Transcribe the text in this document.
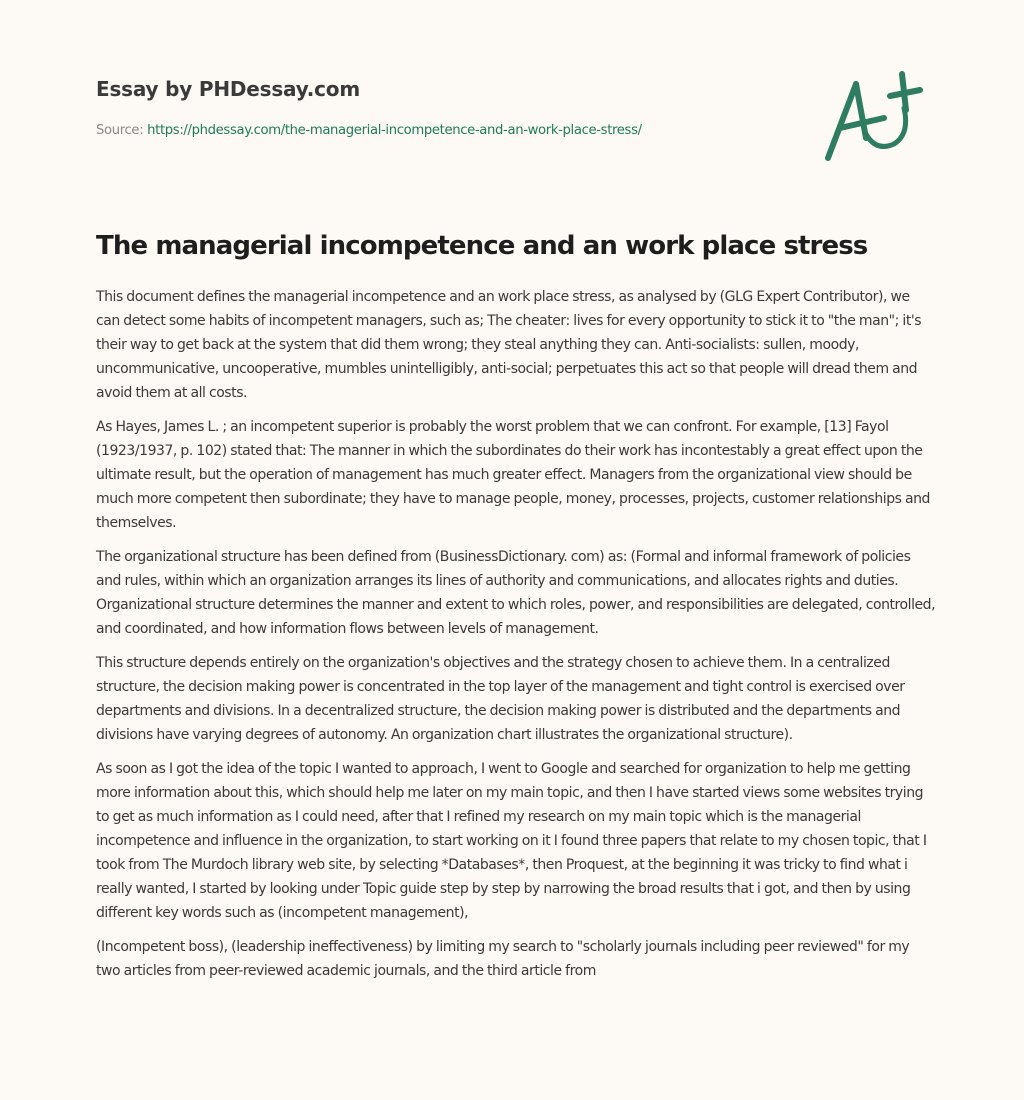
Essay by PHDessay.com
Source: https://phdessay.com/the-managerial-incompetence-and-an-work-place-stress/
The managerial incompetence and an work place stress

This document defines the managerial incompetence and an work place stress, as analysed by (GLG Expert Contributor), we can detect some habits of incompetent managers, such as; The cheater: lives for every opportunity to stick it to "the man"; it's their way to get back at the system that did them wrong; they steal anything they can. Anti-socialists: sullen, moody, uncommunicative, uncooperative, mumbles unintelligibly, anti-social; perpetuates this act so that people will dread them and avoid them at all costs.

As Hayes, James L. ; an incompetent superior is probably the worst problem that we can confront. For example, [13] Fayol (1923/1937, p. 102) stated that: The manner in which the subordinates do their work has incontestably a great effect upon the ultimate result, but the operation of management has much greater effect. Managers from the organizational view should be much more competent then subordinate; they have to manage people, money, processes, projects, customer relationships and themselves.

The organizational structure has been defined from (BusinessDictionary. com) as: (Formal and informal framework of policies and rules, within which an organization arranges its lines of authority and communications, and allocates rights and duties. Organizational structure determines the manner and extent to which roles, power, and responsibilities are delegated, controlled, and coordinated, and how information flows between levels of management.

This structure depends entirely on the organization's objectives and the strategy chosen to achieve them. In a centralized structure, the decision making power is concentrated in the top layer of the management and tight control is exercised over departments and divisions. In a decentralized structure, the decision making power is distributed and the departments and divisions have varying degrees of autonomy. An organization chart illustrates the organizational structure).

As soon as I got the idea of the topic I wanted to approach, I went to Google and searched for organization to help me getting more information about this, which should help me later on my main topic, and then I have started views some websites trying to get as much information as I could need, after that I refined my research on my main topic which is the managerial incompetence and influence in the organization, to start working on it I found three papers that relate to my chosen topic, that I took from The Murdoch library web site, by selecting *Databases*, then Proquest, at the beginning it was tricky to find what i really wanted, I started by looking under Topic guide step by step by narrowing the broad results that i got, and then by using different key words such as (incompetent management),

(Incompetent boss), (leadership ineffectiveness) by limiting my search to "scholarly journals including peer reviewed" for my two articles from peer-reviewed academic journals, and the third article from
